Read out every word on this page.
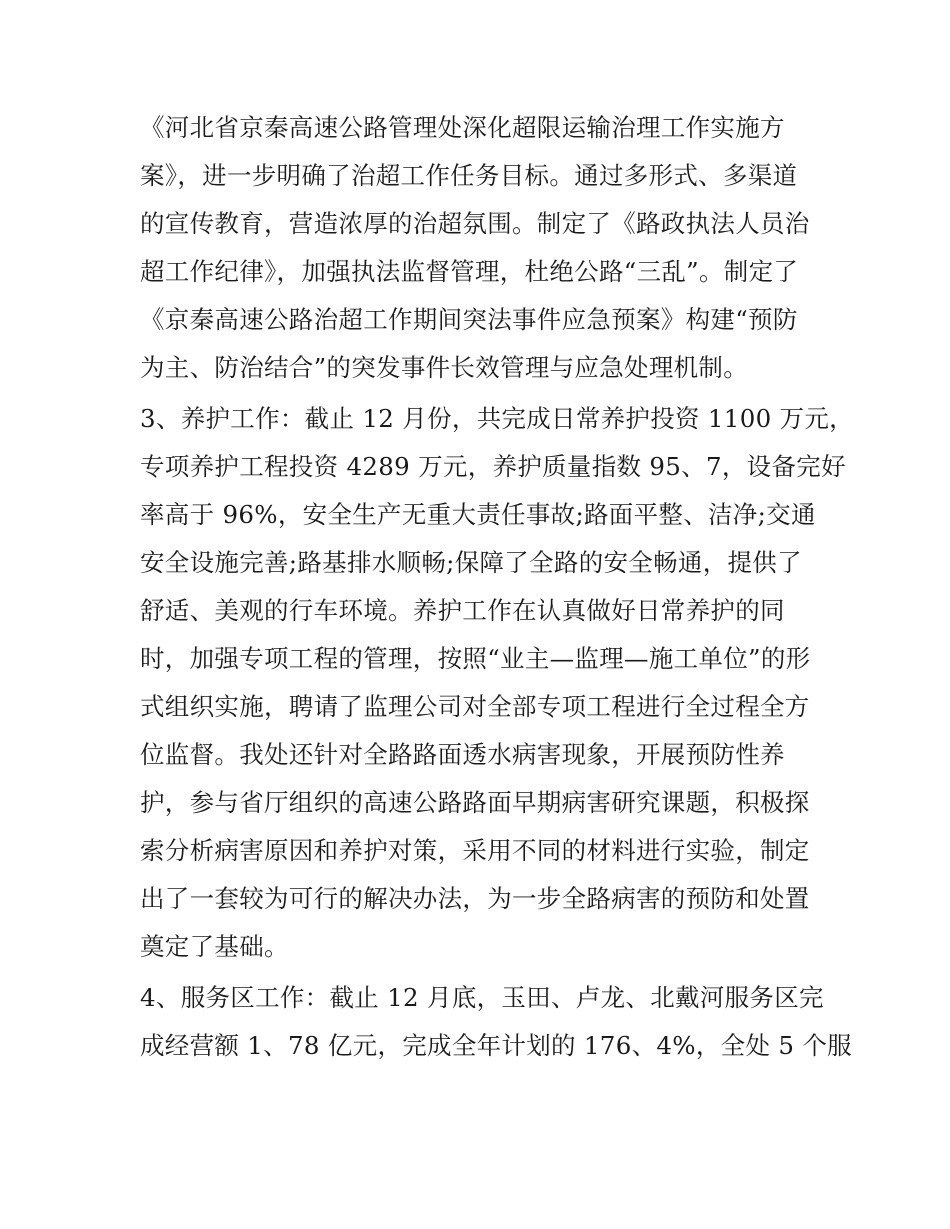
《河北省京秦高速公路管理处深化超限运输治理工作实施方
案》，进一步明确了治超工作任务目标。通过多形式、多渠道
的宣传教育，营造浓厚的治超氛围。制定了《路政执法人员治
超工作纪律》，加强执法监督管理，杜绝公路“三乱”。制定了
《京秦高速公路治超工作期间突法事件应急预案》构建“预防
为主、防治结合”的突发事件长效管理与应急处理机制。
3、养护工作：截止 12 月份，共完成日常养护投资 1100 万元，
专项养护工程投资 4289 万元，养护质量指数 95、7，设备完好
率高于 96%，安全生产无重大责任事故;路面平整、洁净;交通
安全设施完善;路基排水顺畅;保障了全路的安全畅通，提供了
舒适、美观的行车环境。养护工作在认真做好日常养护的同
时，加强专项工程的管理，按照“业主—监理—施工单位”的形
式组织实施，聘请了监理公司对全部专项工程进行全过程全方
位监督。我处还针对全路路面透水病害现象，开展预防性养
护，参与省厅组织的高速公路路面早期病害研究课题，积极探
索分析病害原因和养护对策，采用不同的材料进行实验，制定
出了一套较为可行的解决办法，为一步全路病害的预防和处置
奠定了基础。
4、服务区工作：截止 12 月底，玉田、卢龙、北戴河服务区完
成经营额 1、78 亿元，完成全年计划的 176、4%，全处 5 个服
